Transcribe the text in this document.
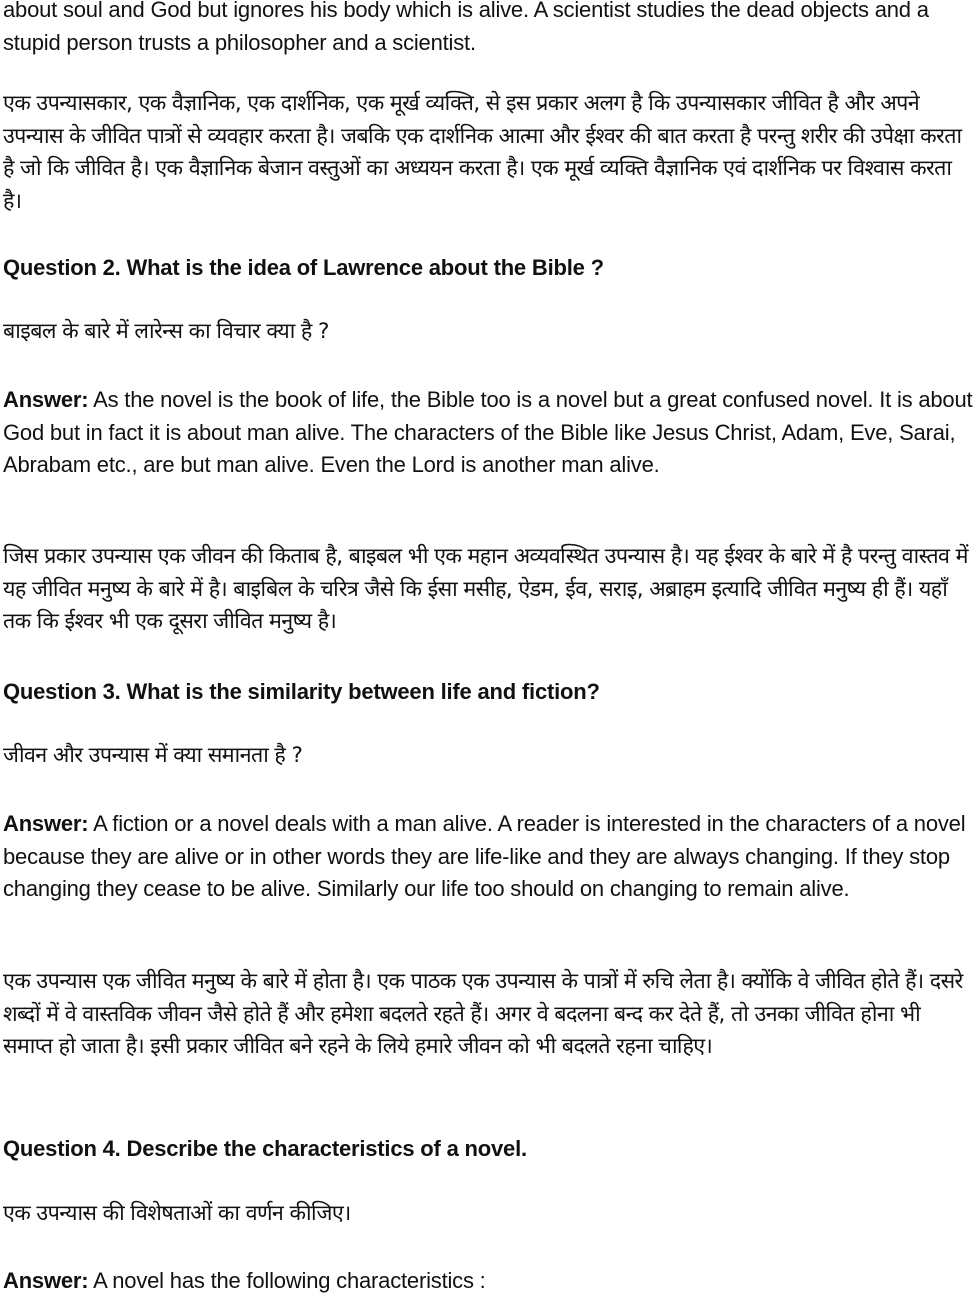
about soul and God but ignores his body which is alive. A scientist studies the dead objects and a stupid person trusts a philosopher and a scientist.

एक उपन्यासकार, एक वैज्ञानिक, एक दार्शनिक, एक मूर्ख व्यक्ति, से इस प्रकार अलग है कि उपन्यासकार जीवित है और अपने उपन्यास के जीवित पात्रों से व्यवहार करता है। जबकि एक दार्शनिक आत्मा और ईश्वर की बात करता है परन्तु शरीर की उपेक्षा करता है जो कि जीवित है। एक वैज्ञानिक बेजान वस्तुओं का अध्ययन करता है। एक मूर्ख व्यक्ति वैज्ञानिक एवं दार्शनिक पर विश्वास करता है।

Question 2. What is the idea of Lawrence about the Bible ?

बाइबल के बारे में लारेन्स का विचार क्या है ?

Answer: As the novel is the book of life, the Bible too is a novel but a great confused novel. It is about God but in fact it is about man alive. The characters of the Bible like Jesus Christ, Adam, Eve, Sarai, Abrabam etc., are but man alive. Even the Lord is another man alive.

जिस प्रकार उपन्यास एक जीवन की किताब है, बाइबल भी एक महान अव्यवस्थित उपन्यास है। यह ईश्वर के बारे में है परन्तु वास्तव में यह जीवित मनुष्य के बारे में है। बाइबिल के चरित्र जैसे कि ईसा मसीह, ऐडम, ईव, सराइ, अब्राहम इत्यादि जीवित मनुष्य ही हैं। यहाँ तक कि ईश्वर भी एक दूसरा जीवित मनुष्य है।

Question 3. What is the similarity between life and fiction?

जीवन और उपन्यास में क्या समानता है ?

Answer: A fiction or a novel deals with a man alive. A reader is interested in the characters of a novel because they are alive or in other words they are life-like and they are always changing. If they stop changing they cease to be alive. Similarly our life too should on changing to remain alive.

एक उपन्यास एक जीवित मनुष्य के बारे में होता है। एक पाठक एक उपन्यास के पात्रों में रुचि लेता है। क्योंकि वे जीवित होते हैं। दसरे शब्दों में वे वास्तविक जीवन जैसे होते हैं और हमेशा बदलते रहते हैं। अगर वे बदलना बन्द कर देते हैं, तो उनका जीवित होना भी समाप्त हो जाता है। इसी प्रकार जीवित बने रहने के लिये हमारे जीवन को भी बदलते रहना चाहिए।

Question 4. Describe the characteristics of a novel.

एक उपन्यास की विशेषताओं का वर्णन कीजिए।

Answer: A novel has the following characteristics :
